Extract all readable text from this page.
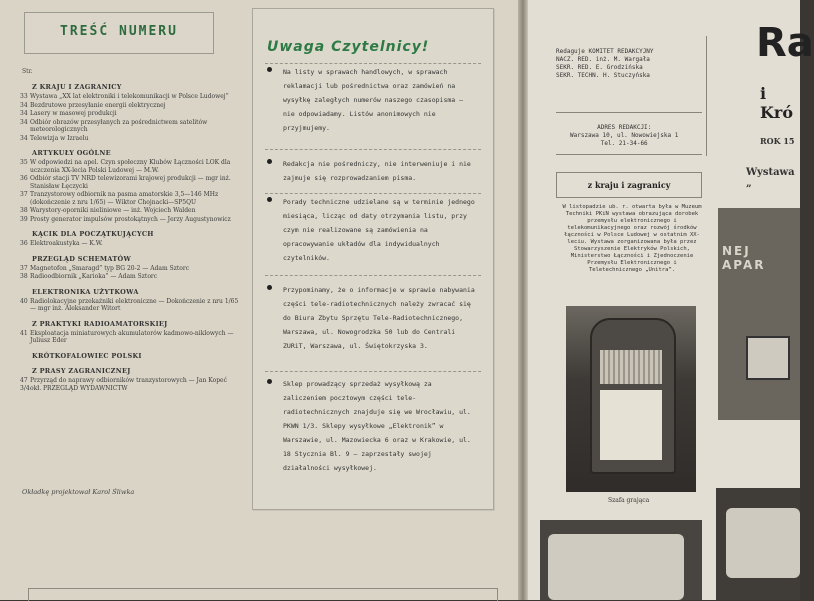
TREŚĆ NUMERU
Str.
Z KRAJU I ZAGRANICY
33 Wystawa „XX lat elektroniki i telekomunikacji w Polsce Ludowej”
34 Bezdrutowe przesyłanie energii elektrycznej
34 Lasery w masowej produkcji
34 Odbiór obrazów przesyłanych za pośrednictwem satelitów meteorologicznych
34 Telewizja w Izraelu
ARTYKUŁY OGÓLNE
35 W odpowiedzi na apel. Czyn społeczny Klubów Łączności LOK dla uczczenia XX-lecia Polski Ludowej — M.W.
36 Odbiór stacji TV NRD telewizorami krajowej produkcji — mgr inż. Stanisław Łęczycki
37 Tranzystorowy odbiornik na pasma amatorskie 3,5—146 MHz (dokończenie z nru 1/65) — Wiktor Chojnacki—SP5QU
38 Warystory-oporniki nieliniowe — inż. Wojciech Walden
39 Prosty generator impulsów prostokątnych — Jerzy Augustynowicz
KĄCIK DLA POCZĄTKUJĄCYCH
36 Elektroakustyka — K.W.
PRZEGLĄD SCHEMATÓW
37 Magnetofon „Smaragd” typ BG 20-2 — Adam Sztorc
38 Radioodbiornik „Karioka” — Adam Sztorc
ELEKTRONIKA UŻYTKOWA
40 Radiolokacyjne przekaźniki elektroniczne — Dokończenie z nru 1/65 — mgr inż. Aleksander Witort
Z PRAKTYKI RADIOAMATORSKIEJ
41 Eksploatacja miniaturowych akumulatorów kadmowo-niklowych — Juliusz Eder
KRÓTKOFALOWIEC POLSKI
Z PRASY ZAGRANICZNEJ
47 Przyrząd do naprawy odbiorników tranzystorowych — Jan Kopeć
3/4 okł. PRZEGLĄD WYDAWNICTW
Okładkę projektował Karol Śliwka
Uwaga Czytelnicy!
Na listy w sprawach handlowych, w sprawach reklamacji lub pośrednictwa oraz zamówień na wysyłkę zaległych numerów naszego czasopisma — nie odpowiadamy. Listów anonimowych nie przyjmujemy.
Redakcja nie pośredniczy, nie interweniuje i nie zajmuje się rozprowadzaniem pisma.
Porady techniczne udzielane są w terminie jednego miesiąca, licząc od daty otrzymania listu, przy czym nie realizowane są zamówienia na opracowywanie układów dla indywidualnych czytelników.
Przypominamy, że o informacje w sprawie nabywania części tele-radiotechnicznych należy zwracać się do Biura Zbytu Sprzętu Tele-Radiotechnicznego, Warszawa, ul. Nowogrodzka 50 lub do Centrali ZURiT, Warszawa, ul. Świętokrzyska 3.
Sklep prowadzący sprzedaż wysyłkową za zaliczeniem pocztowym części tele-radiotechnicznych znajduje się we Wrocławiu, ul. PKWN 1/3. Sklepy wysyłkowe „Elektronik” w Warszawie, ul. Mazowiecka 6 oraz w Krakowie, ul. 18 Stycznia Bl. 9 — zaprzestały swojej działalności wysyłkowej.
Redaguje KOMITET REDAKCYJNY
NACZ. RED. inż. M. Wargała
SEKR. RED. E. Grodzińska
SEKR. TECHN. H. Stuczyńska
ADRES REDAKCJI:
Warszawa 10, ul. Nowowiejska 1
Tel. 21-34-66
Ra
i Kró
ROK 15
Wystawa „
z kraju i zagranicy
W listopadzie ub. r. otwarta była w Muzeum Techniki PKiN wystawa obrazująca dorobek przemysłu elektronicznego i telekomunikacyjnego oraz rozwój środków łączności w Polsce Ludowej w ostatnim XX-leciu. Wystawa zorganizowana była przez Stowarzyszenie Elektryków Polskich, Ministerstwo Łączności i Zjednoczenie Przemysłu Elektronicznego i Teletechnicznego „Unitra”.
Szafa grająca
NEJ APAR
